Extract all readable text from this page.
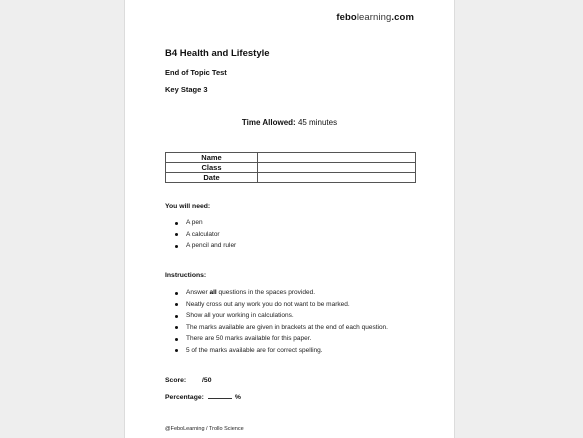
febolearning.com
B4 Health and Lifestyle
End of Topic Test
Key Stage 3
Time Allowed: 45 minutes
Name	
Class	
Date	
You will need:
A pen
A calculator
A pencil and ruler
Instructions:
Answer all questions in the spaces provided.
Neatly cross out any work you do not want to be marked.
Show all your working in calculations.
The marks available are given in brackets at the end of each question.
There are 50 marks available for this paper.
5 of the marks available are for correct spelling.
Score: /50
Percentage:	%
@FeboLearning / Trollo Science
